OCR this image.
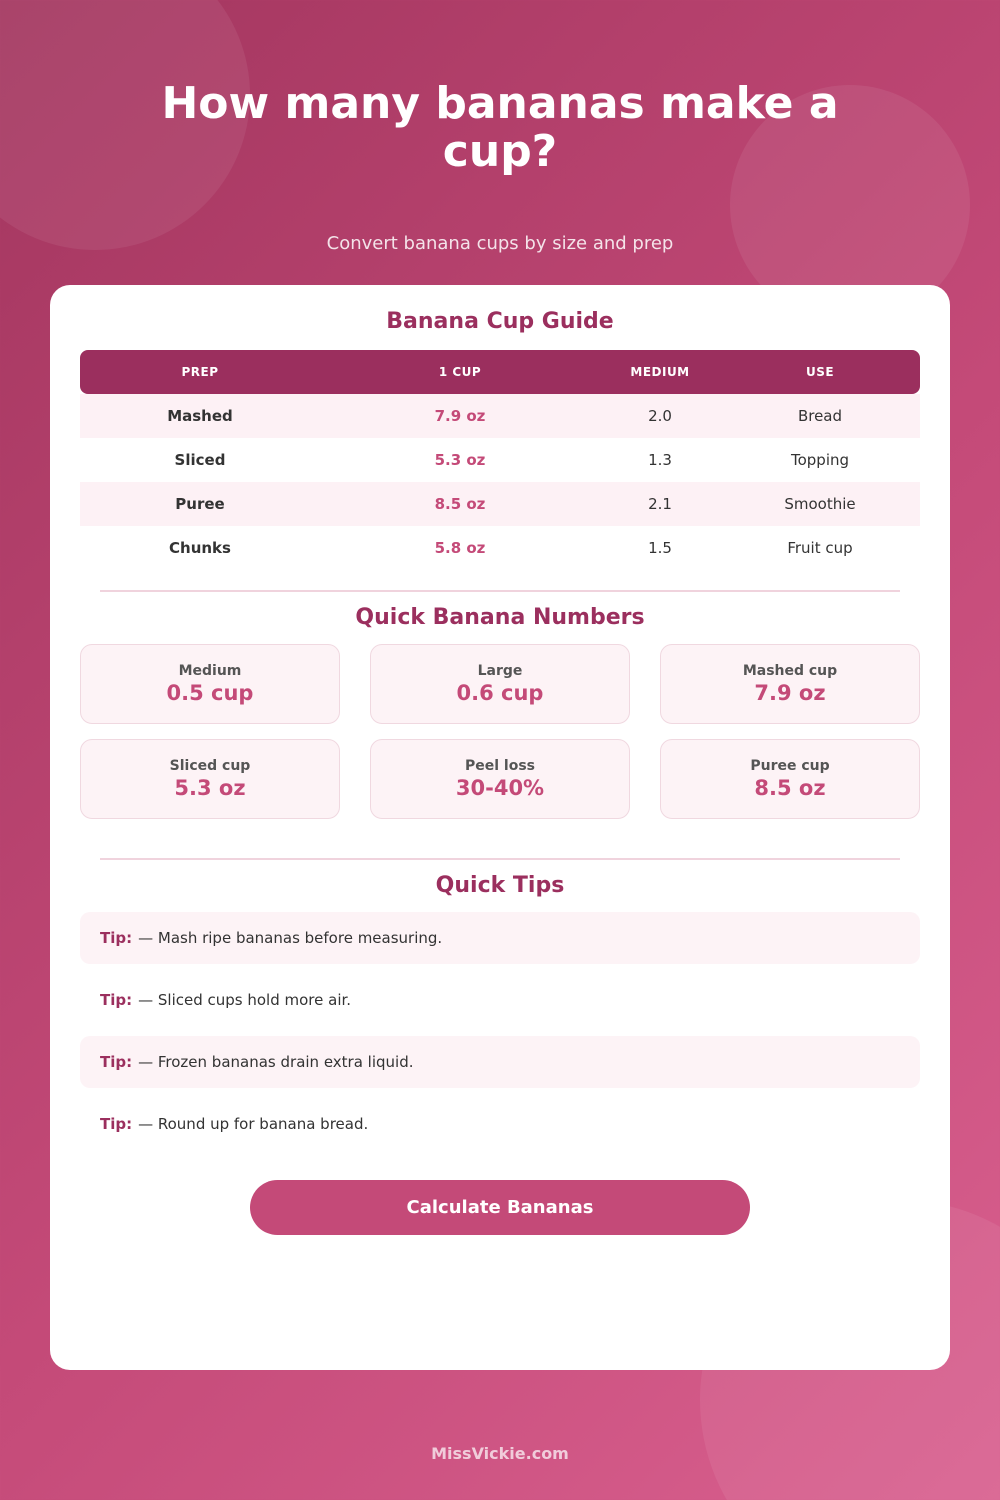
How many bananas make a cup?

Convert banana cups by size and prep

Banana Cup Guide
PREP	1 CUP	MEDIUM	USE
Mashed	7.9 oz	2.0	Bread
Sliced	5.3 oz	1.3	Topping
Puree	8.5 oz	2.1	Smoothie
Chunks	5.8 oz	1.5	Fruit cup
Quick Banana Numbers
Medium
0.5 cup
Large
0.6 cup
Mashed cup
7.9 oz
Sliced cup
5.3 oz
Peel loss
30-40%
Puree cup
8.5 oz
Quick Tips
Tip: — Mash ripe bananas before measuring.
Tip: — Sliced cups hold more air.
Tip: — Frozen bananas drain extra liquid.
Tip: — Round up for banana bread.
Calculate Bananas
MissVickie.com
